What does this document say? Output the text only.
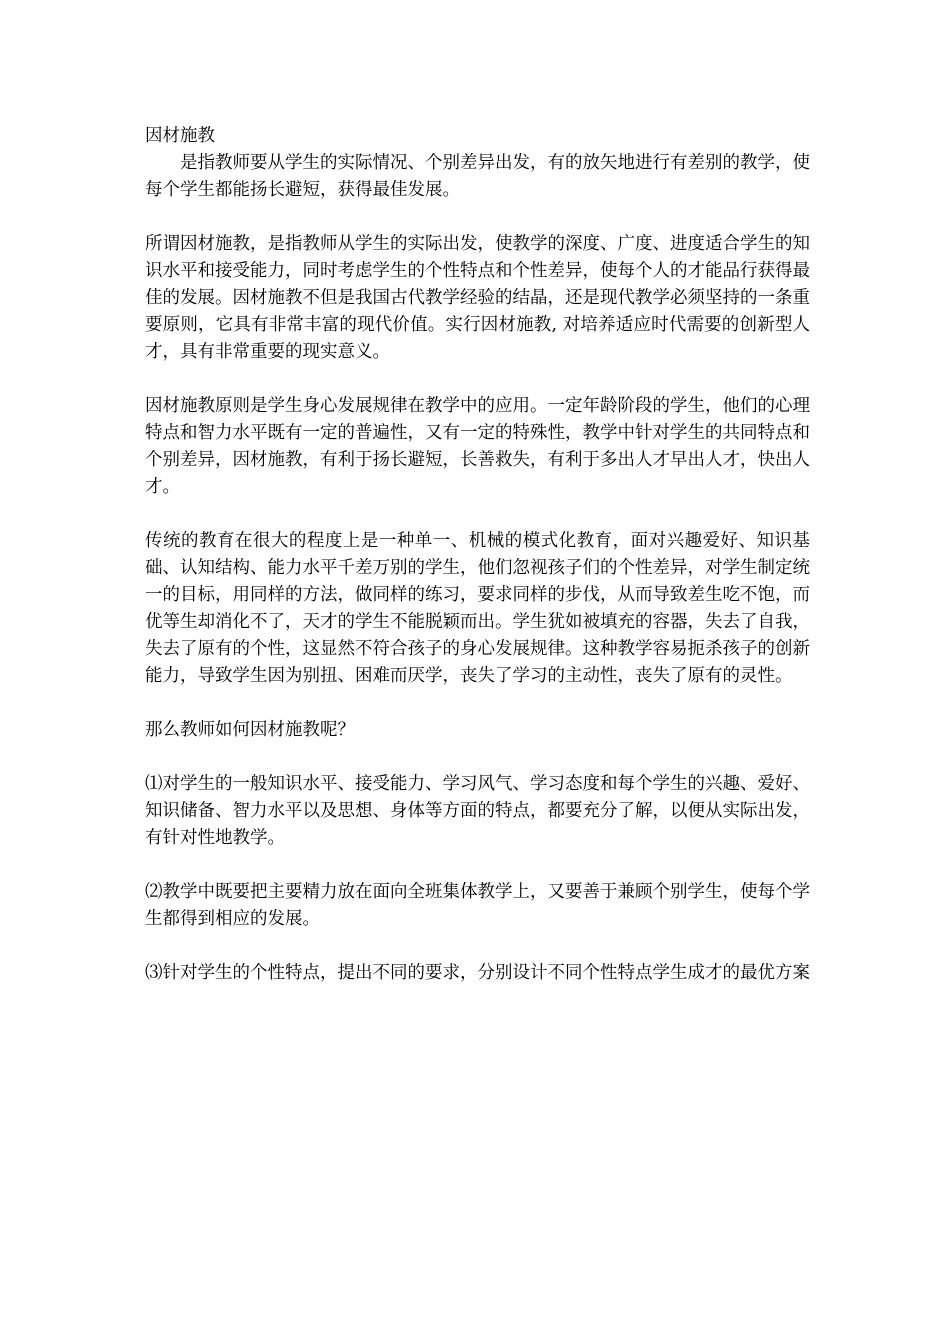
因材施教

是指教师要从学生的实际情况、个别差异出发，有的放矢地进行有差别的教学，使每个学生都能扬长避短，获得最佳发展。

所谓因材施教，是指教师从学生的实际出发，使教学的深度、广度、进度适合学生的知识水平和接受能力，同时考虑学生的个性特点和个性差异，使每个人的才能品行获得最佳的发展。因材施教不但是我国古代教学经验的结晶，还是现代教学必须坚持的一条重要原则，它具有非常丰富的现代价值。实行因材施教, 对培养适应时代需要的创新型人才，具有非常重要的现实意义。

因材施教原则是学生身心发展规律在教学中的应用。一定年龄阶段的学生，他们的心理特点和智力水平既有一定的普遍性，又有一定的特殊性，教学中针对学生的共同特点和个别差异，因材施教，有利于扬长避短，长善救失，有利于多出人才早出人才，快出人才。

传统的教育在很大的程度上是一种单一、机械的模式化教育，面对兴趣爱好、知识基础、认知结构、能力水平千差万别的学生，他们忽视孩子们的个性差异，对学生制定统一的目标，用同样的方法，做同样的练习，要求同样的步伐，从而导致差生吃不饱，而优等生却消化不了，天才的学生不能脱颖而出。学生犹如被填充的容器，失去了自我，失去了原有的个性，这显然不符合孩子的身心发展规律。这种教学容易扼杀孩子的创新能力，导致学生因为别扭、困难而厌学，丧失了学习的主动性，丧失了原有的灵性。

那么教师如何因材施教呢？

⑴对学生的一般知识水平、接受能力、学习风气、学习态度和每个学生的兴趣、爱好、知识储备、智力水平以及思想、身体等方面的特点，都要充分了解，以便从实际出发，有针对性地教学。

⑵教学中既要把主要精力放在面向全班集体教学上，又要善于兼顾个别学生，使每个学生都得到相应的发展。

⑶针对学生的个性特点，提出不同的要求，分别设计不同个性特点学生成才的最优方案
